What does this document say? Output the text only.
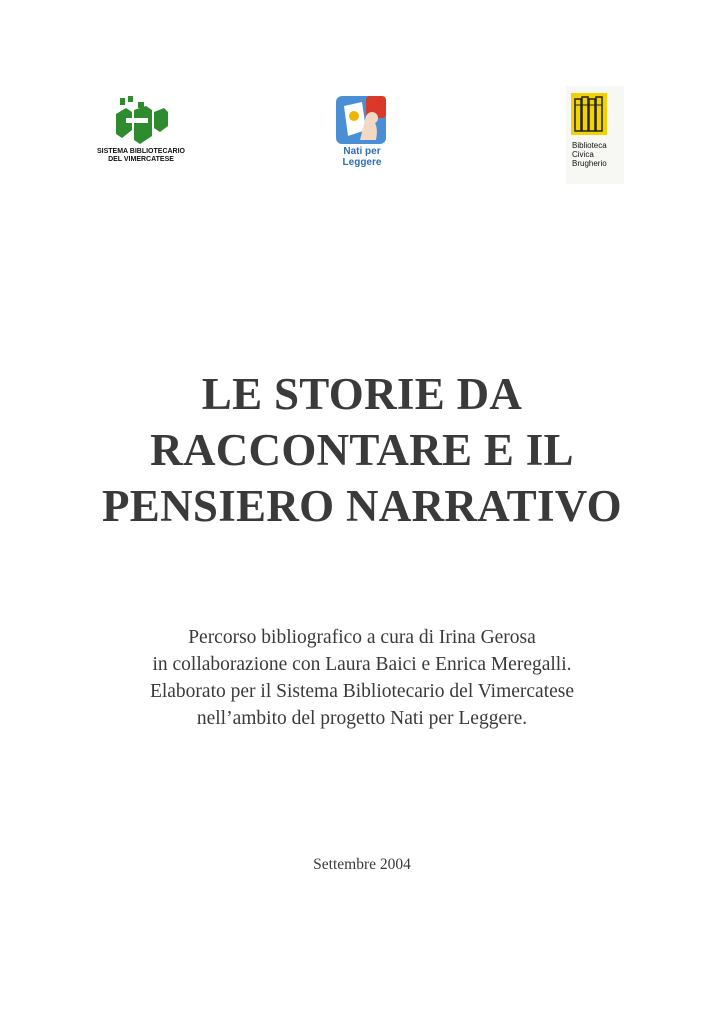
SISTEMA BIBLIOTECARIO
DEL VIMERCATESE
Nati per
Leggere
Biblioteca
Civica
Brugherio
LE STORIE DA
RACCONTARE E IL
PENSIERO NARRATIVO
Percorso bibliografico a cura di Irina Gerosa
in collaborazione con Laura Baici e Enrica Meregalli.
Elaborato per il Sistema Bibliotecario del Vimercatese
nell’ambito del progetto Nati per Leggere.
Settembre 2004
